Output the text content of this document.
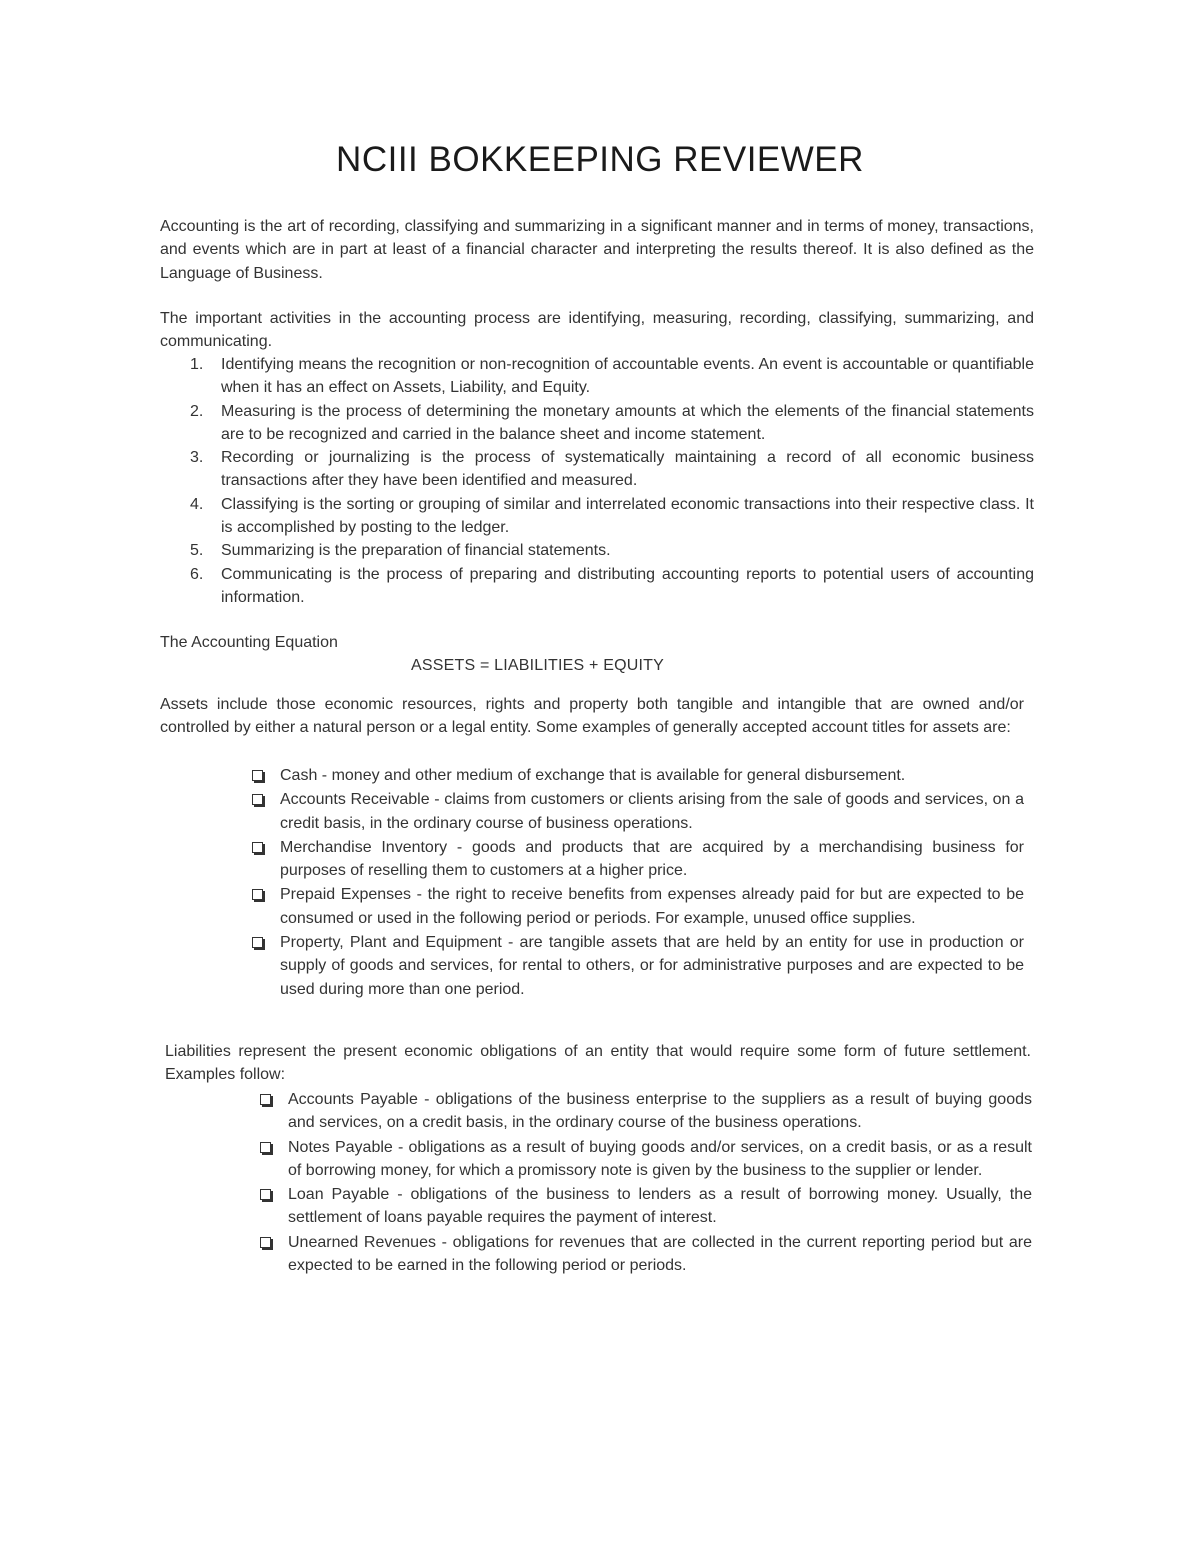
NCIII BOKKEEPING REVIEWER

Accounting is the art of recording, classifying and summarizing in a significant manner and in terms of money, transactions, and events which are in part at least of a financial character and interpreting the results thereof. It is also defined as the Language of Business.

The important activities in the accounting process are identifying, measuring, recording, classifying, summarizing, and communicating.

1. Identifying means the recognition or non-recognition of accountable events. An event is accountable or quantifiable when it has an effect on Assets, Liability, and Equity.
2. Measuring is the process of determining the monetary amounts at which the elements of the financial statements are to be recognized and carried in the balance sheet and income statement.
3. Recording or journalizing is the process of systematically maintaining a record of all economic business transactions after they have been identified and measured.
4. Classifying is the sorting or grouping of similar and interrelated economic transactions into their respective class. It is accomplished by posting to the ledger.
5. Summarizing is the preparation of financial statements.
6. Communicating is the process of preparing and distributing accounting reports to potential users of accounting information.
The Accounting Equation
ASSETS = LIABILITIES + EQUITY

Assets include those economic resources, rights and property both tangible and intangible that are owned and/or controlled by either a natural person or a legal entity. Some examples of generally accepted account titles for assets are:

Cash - money and other medium of exchange that is available for general disbursement.
Accounts Receivable - claims from customers or clients arising from the sale of goods and services, on a credit basis, in the ordinary course of business operations.
Merchandise Inventory - goods and products that are acquired by a merchandising business for purposes of reselling them to customers at a higher price.
Prepaid Expenses - the right to receive benefits from expenses already paid for but are expected to be consumed or used in the following period or periods. For example, unused office supplies.
Property, Plant and Equipment - are tangible assets that are held by an entity for use in production or supply of goods and services, for rental to others, or for administrative purposes and are expected to be used during more than one period.

Liabilities represent the present economic obligations of an entity that would require some form of future settlement. Examples follow:

Accounts Payable - obligations of the business enterprise to the suppliers as a result of buying goods and services, on a credit basis, in the ordinary course of the business operations.
Notes Payable - obligations as a result of buying goods and/or services, on a credit basis, or as a result of borrowing money, for which a promissory note is given by the business to the supplier or lender.
Loan Payable - obligations of the business to lenders as a result of borrowing money. Usually, the settlement of loans payable requires the payment of interest.
Unearned Revenues - obligations for revenues that are collected in the current reporting period but are expected to be earned in the following period or periods.
